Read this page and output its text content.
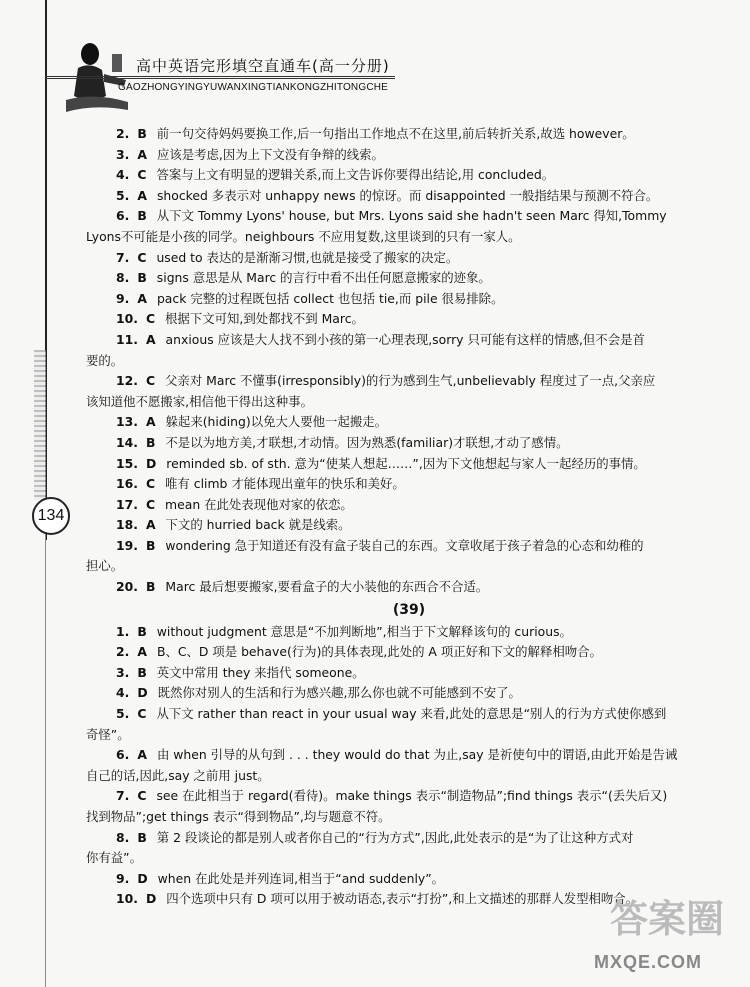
高中英语完形填空直通车(高一分册)
GAOZHONGYINGYUWANXINGTIANKONGZHITONGCHE
134
2. B 前一句交待妈妈要换工作,后一句指出工作地点不在这里,前后转折关系,故选 however。
3. A 应该是考虑,因为上下文没有争辩的线索。
4. C 答案与上文有明显的逻辑关系,而上文告诉你要得出结论,用 concluded。
5. A shocked 多表示对 unhappy news 的惊讶。而 disappointed 一般指结果与预测不符合。
6. B 从下文 Tommy Lyons' house, but Mrs. Lyons said she hadn't seen Marc 得知,Tommy
Lyons不可能是小孩的同学。neighbours 不应用复数,这里谈到的只有一家人。
7. C used to 表达的是渐渐习惯,也就是接受了搬家的决定。
8. B signs 意思是从 Marc 的言行中看不出任何愿意搬家的迹象。
9. A pack 完整的过程既包括 collect 也包括 tie,而 pile 很易排除。
10. C 根据下文可知,到处都找不到 Marc。
11. A anxious 应该是大人找不到小孩的第一心理表现,sorry 只可能有这样的情感,但不会是首
要的。
12. C 父亲对 Marc 不懂事(irresponsibly)的行为感到生气,unbelievably 程度过了一点,父亲应
该知道他不愿搬家,相信他干得出这种事。
13. A 躲起来(hiding)以免大人要他一起搬走。
14. B 不是以为地方美,才联想,才动情。因为熟悉(familiar)才联想,才动了感情。
15. D reminded sb. of sth. 意为“使某人想起……”,因为下文他想起与家人一起经历的事情。
16. C 唯有 climb 才能体现出童年的快乐和美好。
17. C mean 在此处表现他对家的依恋。
18. A 下文的 hurried back 就是线索。
19. B wondering 急于知道还有没有盒子装自己的东西。文章收尾于孩子着急的心态和幼稚的
担心。
20. B Marc 最后想要搬家,要看盒子的大小装他的东西合不合适。
(39)
1. B without judgment 意思是“不加判断地”,相当于下文解释该句的 curious。
2. A B、C、D 项是 behave(行为)的具体表现,此处的 A 项正好和下文的解释相吻合。
3. B 英文中常用 they 来指代 someone。
4. D 既然你对别人的生活和行为感兴趣,那么你也就不可能感到不安了。
5. C 从下文 rather than react in your usual way 来看,此处的意思是“别人的行为方式使你感到
奇怪”。
6. A 由 when 引导的从句到 . . . they would do that 为止,say 是祈使句中的谓语,由此开始是告诫
自己的话,因此,say 之前用 just。
7. C see 在此相当于 regard(看待)。make things 表示“制造物品”;find things 表示“(丢失后又)
找到物品”;get things 表示“得到物品”,均与题意不符。
8. B 第 2 段谈论的都是别人或者你自己的“行为方式”,因此,此处表示的是“为了让这种方式对
你有益”。
9. D when 在此处是并列连词,相当于“and suddenly”。
10. D 四个选项中只有 D 项可以用于被动语态,表示“打扮”,和上文描述的那群人发型相吻合。
答案圈
MXQE.COM
